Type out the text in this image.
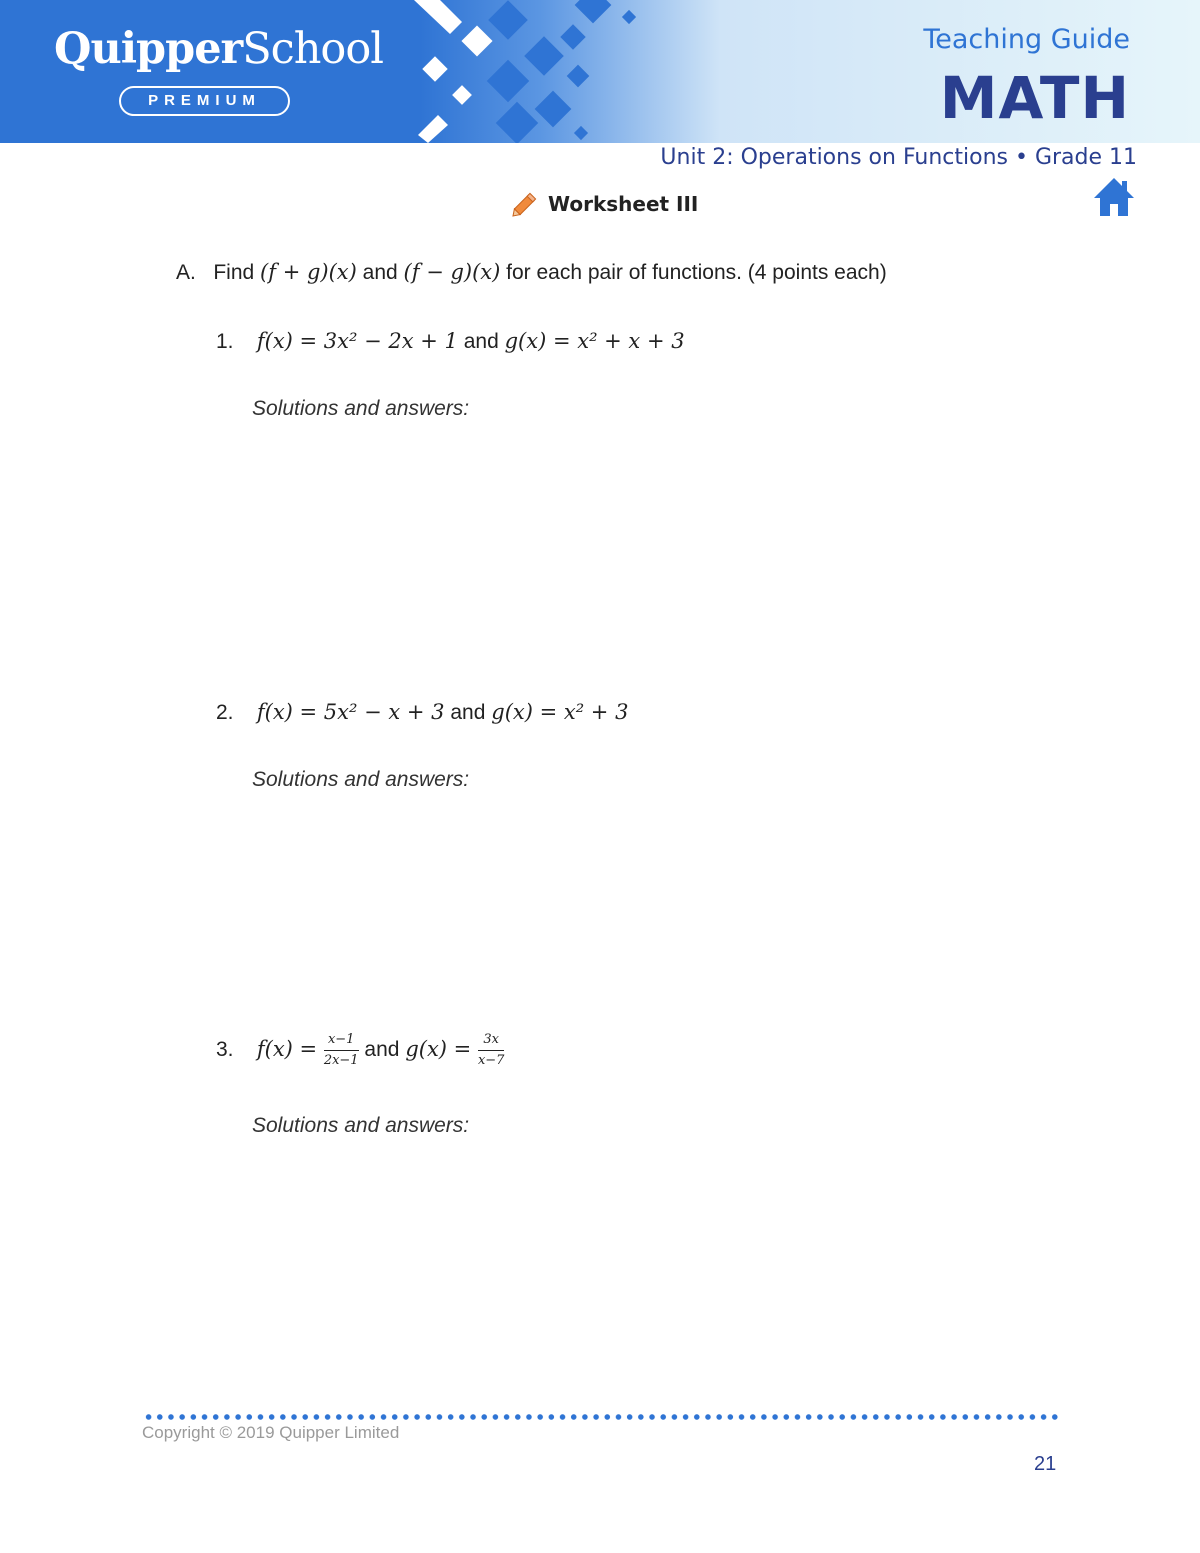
QuipperSchool
PREMIUM
Teaching Guide
MATH
Unit 2: Operations on Functions • Grade 11
Worksheet III
A. Find (f + g)(x) and (f − g)(x) for each pair of functions. (4 points each)
1. f(x) = 3x² − 2x + 1 and g(x) = x² + x + 3
Solutions and answers:
2. f(x) = 5x² − x + 3 and g(x) = x² + 3
Solutions and answers:
3. $f(x) = \frac{x-1}{2x-1}$ and $g(x) = \frac{3x}{x-7}$
Solutions and answers:
Copyright © 2019 Quipper Limited
21
